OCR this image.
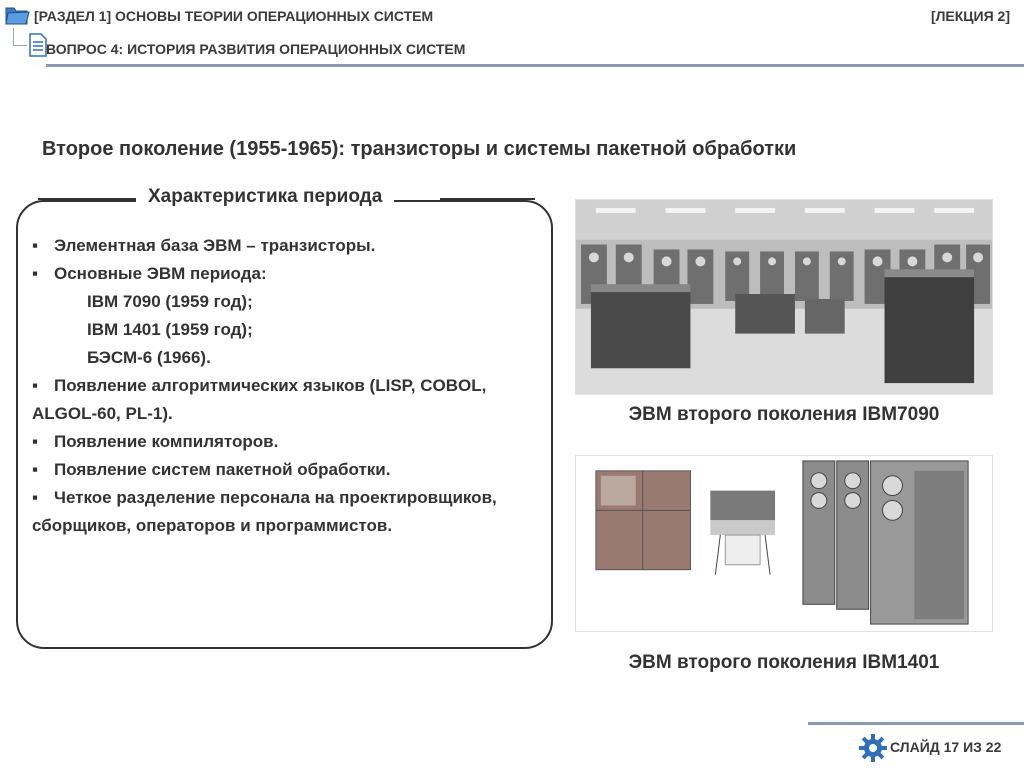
[РАЗДЕЛ 1] ОСНОВЫ ТЕОРИИ ОПЕРАЦИОННЫХ СИСТЕМ	[ЛЕКЦИЯ 2]
ВОПРОС 4: ИСТОРИЯ РАЗВИТИЯ ОПЕРАЦИОННЫХ СИСТЕМ
Второе поколение (1955-1965): транзисторы и системы пакетной обработки
Характеристика периода
▪ Элементная база ЭВМ – транзисторы.
▪ Основные ЭВМ периода:
IBM 7090 (1959 год);
IBM 1401 (1959 год);
БЭСМ-6 (1966).
▪ Появление алгоритмических языков (LISP, COBOL, ALGOL-60, PL-1).
▪ Появление компиляторов.
▪ Появление систем пакетной обработки.
▪ Четкое разделение персонала на проектировщиков, сборщиков, операторов и программистов.
ЭВМ второго поколения IBM7090
ЭВМ второго поколения IBM1401
СЛАЙД 17 ИЗ 22
